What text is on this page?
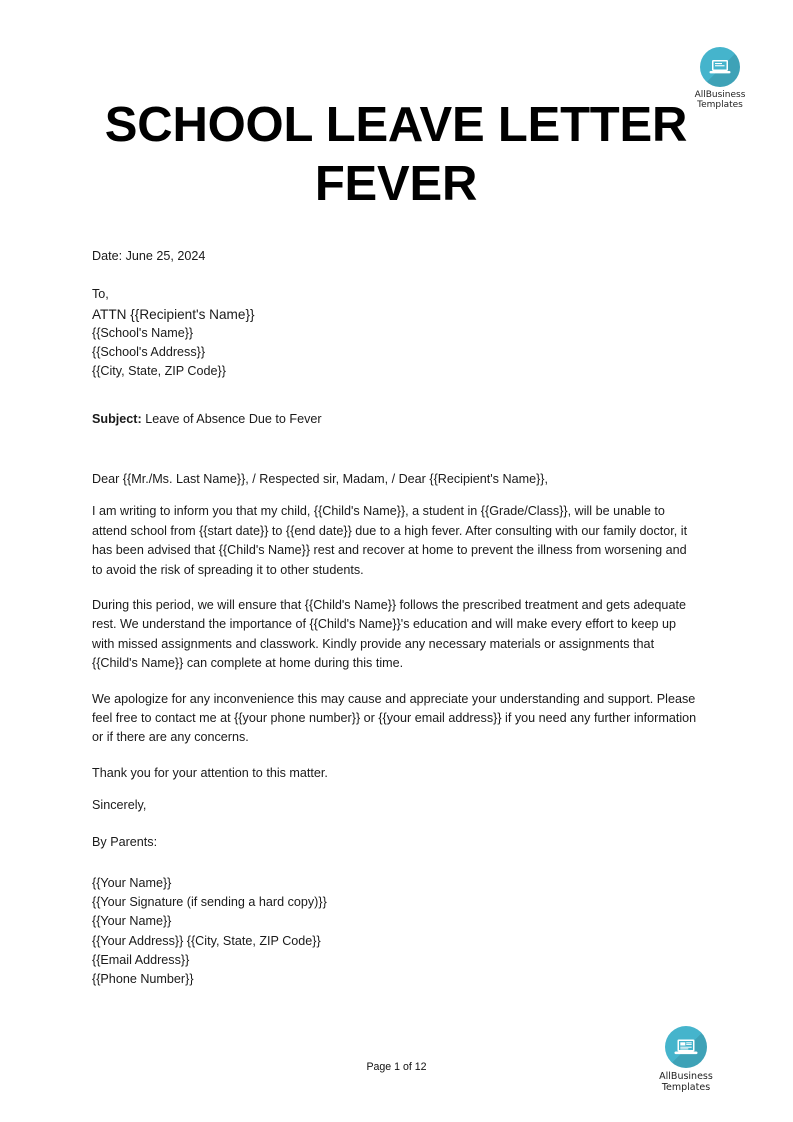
AllBusiness
Templates
SCHOOL LEAVE LETTER
FEVER
Date: June 25, 2024
To,
ATTN {{Recipient's Name}}
{{School's Name}}
{{School's Address}}
{{City, State, ZIP Code}}
Subject: Leave of Absence Due to Fever
Dear {{Mr./Ms. Last Name}}, / Respected sir, Madam, / Dear {{Recipient's Name}},

I am writing to inform you that my child, {{Child's Name}}, a student in {{Grade/Class}}, will be unable to attend school from {{start date}} to {{end date}} due to a high fever. After consulting with our family doctor, it has been advised that {{Child's Name}} rest and recover at home to prevent the illness from worsening and to avoid the risk of spreading it to other students.

During this period, we will ensure that {{Child's Name}} follows the prescribed treatment and gets adequate rest. We understand the importance of {{Child's Name}}'s education and will make every effort to keep up with missed assignments and classwork. Kindly provide any necessary materials or assignments that {{Child's Name}} can complete at home during this time.

We apologize for any inconvenience this may cause and appreciate your understanding and support. Please feel free to contact me at {{your phone number}} or {{your email address}} if you need any further information or if there are any concerns.

Thank you for your attention to this matter.

Sincerely,
By Parents:
{{Your Name}}
{{Your Signature (if sending a hard copy)}}
{{Your Name}}
{{Your Address}} {{City, State, ZIP Code}}
{{Email Address}}
{{Phone Number}}
Page 1 of 12
AllBusiness
Templates
